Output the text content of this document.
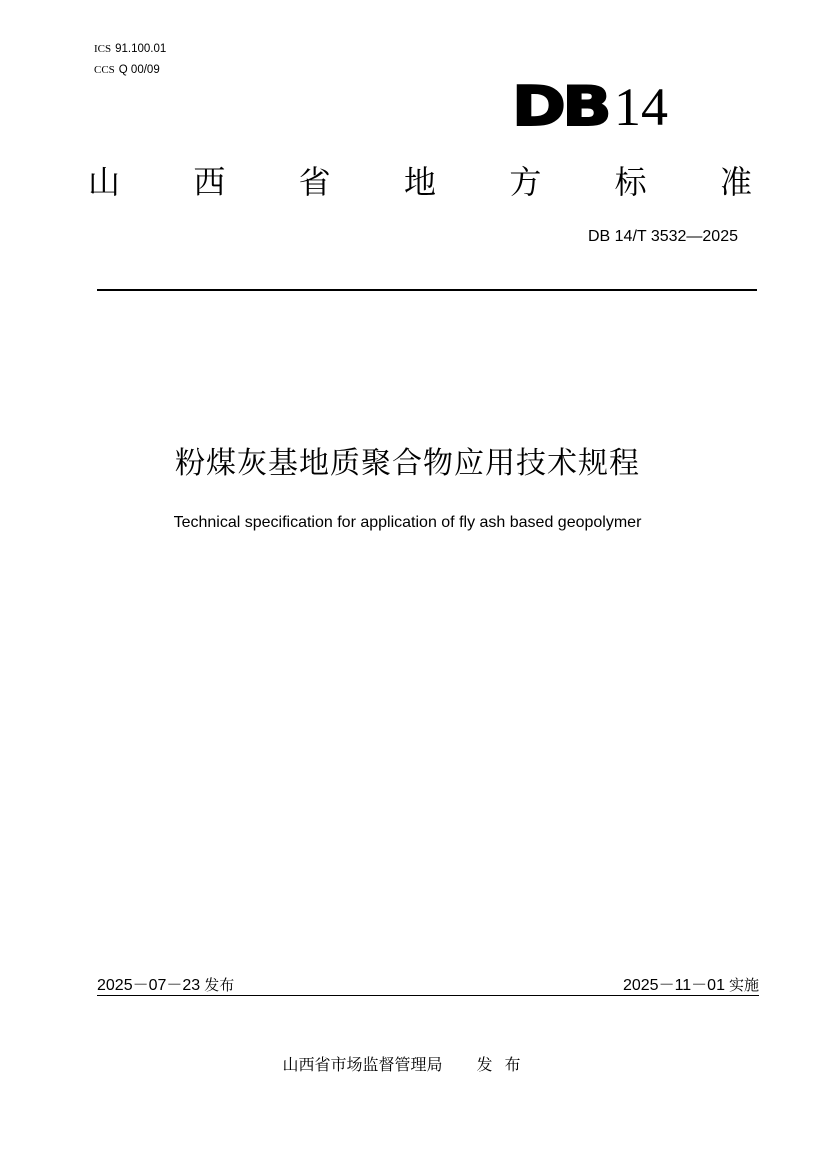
ICS 91.100.01
CCS Q 00/09
DB 14
山 西 省 地 方 标 准
DB 14/T 3532—2025
粉煤灰基地质聚合物应用技术规程
Technical specification for application of fly ash based geopolymer
2025－07－23 发布	2025－11－01 实施
山西省市场监督管理局 发布
